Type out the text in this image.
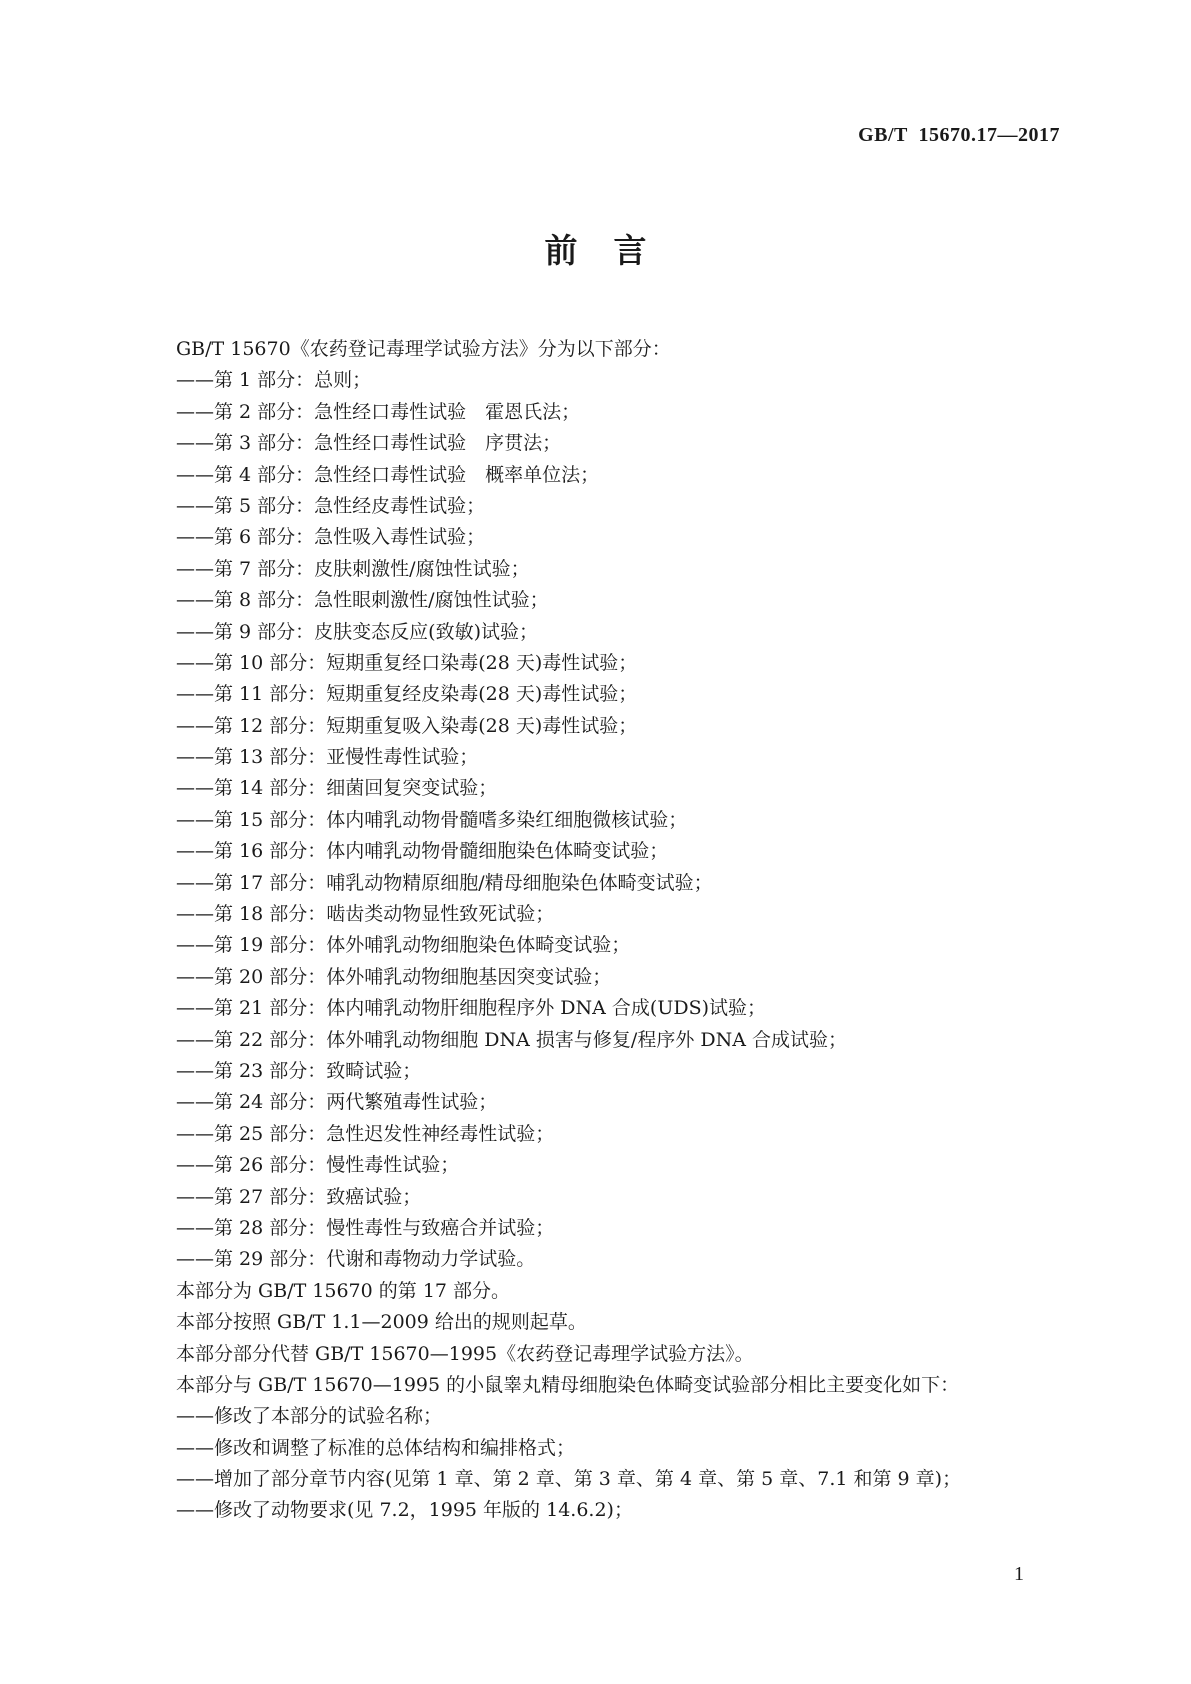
GB/T  15670.17—2017
前言
GB/T 15670《农药登记毒理学试验方法》分为以下部分：
——第 1 部分：总则；
——第 2 部分：急性经口毒性试验　霍恩氏法；
——第 3 部分：急性经口毒性试验　序贯法；
——第 4 部分：急性经口毒性试验　概率单位法；
——第 5 部分：急性经皮毒性试验；
——第 6 部分：急性吸入毒性试验；
——第 7 部分：皮肤刺激性/腐蚀性试验；
——第 8 部分：急性眼刺激性/腐蚀性试验；
——第 9 部分：皮肤变态反应(致敏)试验；
——第 10 部分：短期重复经口染毒(28 天)毒性试验；
——第 11 部分：短期重复经皮染毒(28 天)毒性试验；
——第 12 部分：短期重复吸入染毒(28 天)毒性试验；
——第 13 部分：亚慢性毒性试验；
——第 14 部分：细菌回复突变试验；
——第 15 部分：体内哺乳动物骨髓嗜多染红细胞微核试验；
——第 16 部分：体内哺乳动物骨髓细胞染色体畸变试验；
——第 17 部分：哺乳动物精原细胞/精母细胞染色体畸变试验；
——第 18 部分：啮齿类动物显性致死试验；
——第 19 部分：体外哺乳动物细胞染色体畸变试验；
——第 20 部分：体外哺乳动物细胞基因突变试验；
——第 21 部分：体内哺乳动物肝细胞程序外 DNA 合成(UDS)试验；
——第 22 部分：体外哺乳动物细胞 DNA 损害与修复/程序外 DNA 合成试验；
——第 23 部分：致畸试验；
——第 24 部分：两代繁殖毒性试验；
——第 25 部分：急性迟发性神经毒性试验；
——第 26 部分：慢性毒性试验；
——第 27 部分：致癌试验；
——第 28 部分：慢性毒性与致癌合并试验；
——第 29 部分：代谢和毒物动力学试验。
本部分为 GB/T 15670 的第 17 部分。
本部分按照 GB/T 1.1—2009 给出的规则起草。
本部分部分代替 GB/T 15670—1995《农药登记毒理学试验方法》。
本部分与 GB/T 15670—1995 的小鼠睾丸精母细胞染色体畸变试验部分相比主要变化如下：
——修改了本部分的试验名称；
——修改和调整了标准的总体结构和编排格式；
——增加了部分章节内容(见第 1 章、第 2 章、第 3 章、第 4 章、第 5 章、7.1 和第 9 章)；
——修改了动物要求(见 7.2，1995 年版的 14.6.2)；
1
